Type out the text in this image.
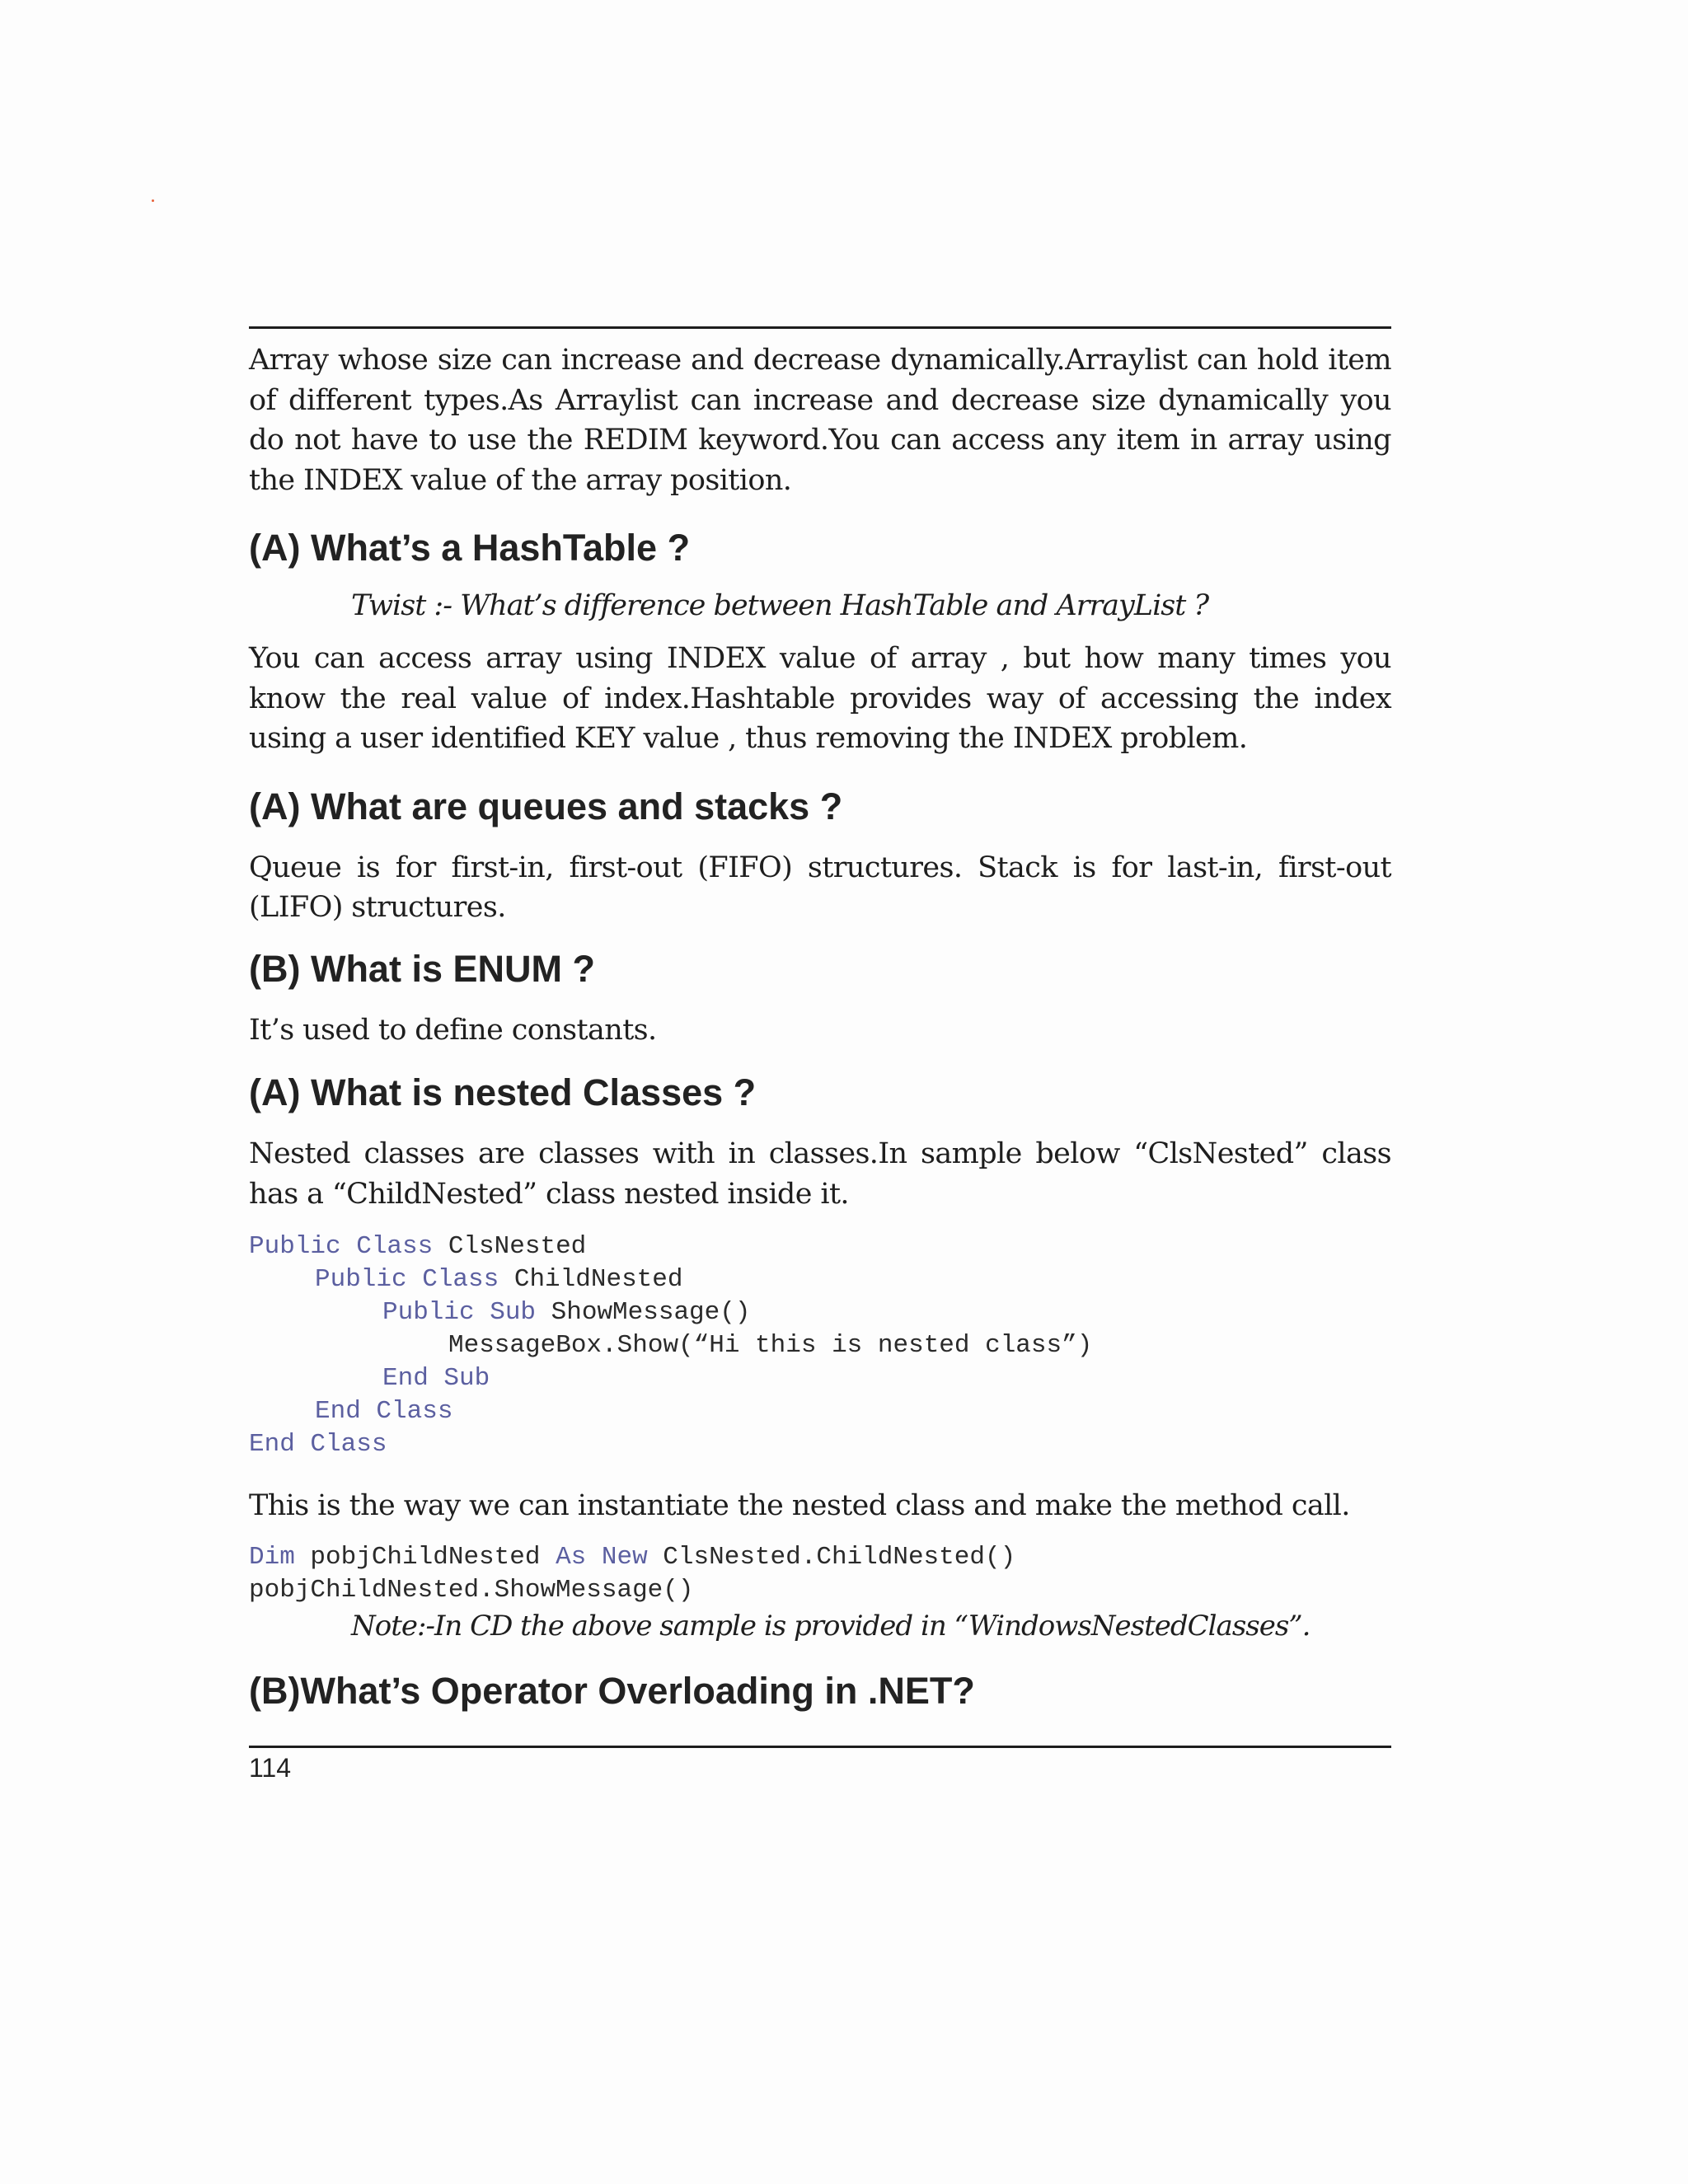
Array whose size can increase and decrease dynamically.Arraylist can hold item of different types.As Arraylist can increase and decrease size dynamically you do not have to use the REDIM keyword.You can access any item in array using the INDEX value of the array position.

(A) What’s a HashTable ?

Twist :- What’s difference between HashTable and ArrayList ?

You can access array using INDEX value of array , but how many times you know the real value of index.Hashtable provides way of accessing the index using a user identified KEY value , thus removing the INDEX problem.

(A) What are queues and stacks ?

Queue is for first-in, first-out (FIFO) structures. Stack is for last-in, first-out (LIFO) structures.

(B) What is ENUM ?

It’s used to define constants.

(A) What is nested Classes ?

Nested classes are classes with in classes.In sample below “ClsNested” class has a “ChildNested” class nested inside it.

Public Class ClsNested
Public Class ChildNested
Public Sub ShowMessage()
MessageBox.Show(“Hi this is nested class”)
End Sub
End Class
End Class

This is the way we can instantiate the nested class and make the method call.

Dim pobjChildNested As New ClsNested.ChildNested()
pobjChildNested.ShowMessage()

Note:-In CD the above sample is provided in “WindowsNestedClasses”.

(B)What’s Operator Overloading in .NET?
114
